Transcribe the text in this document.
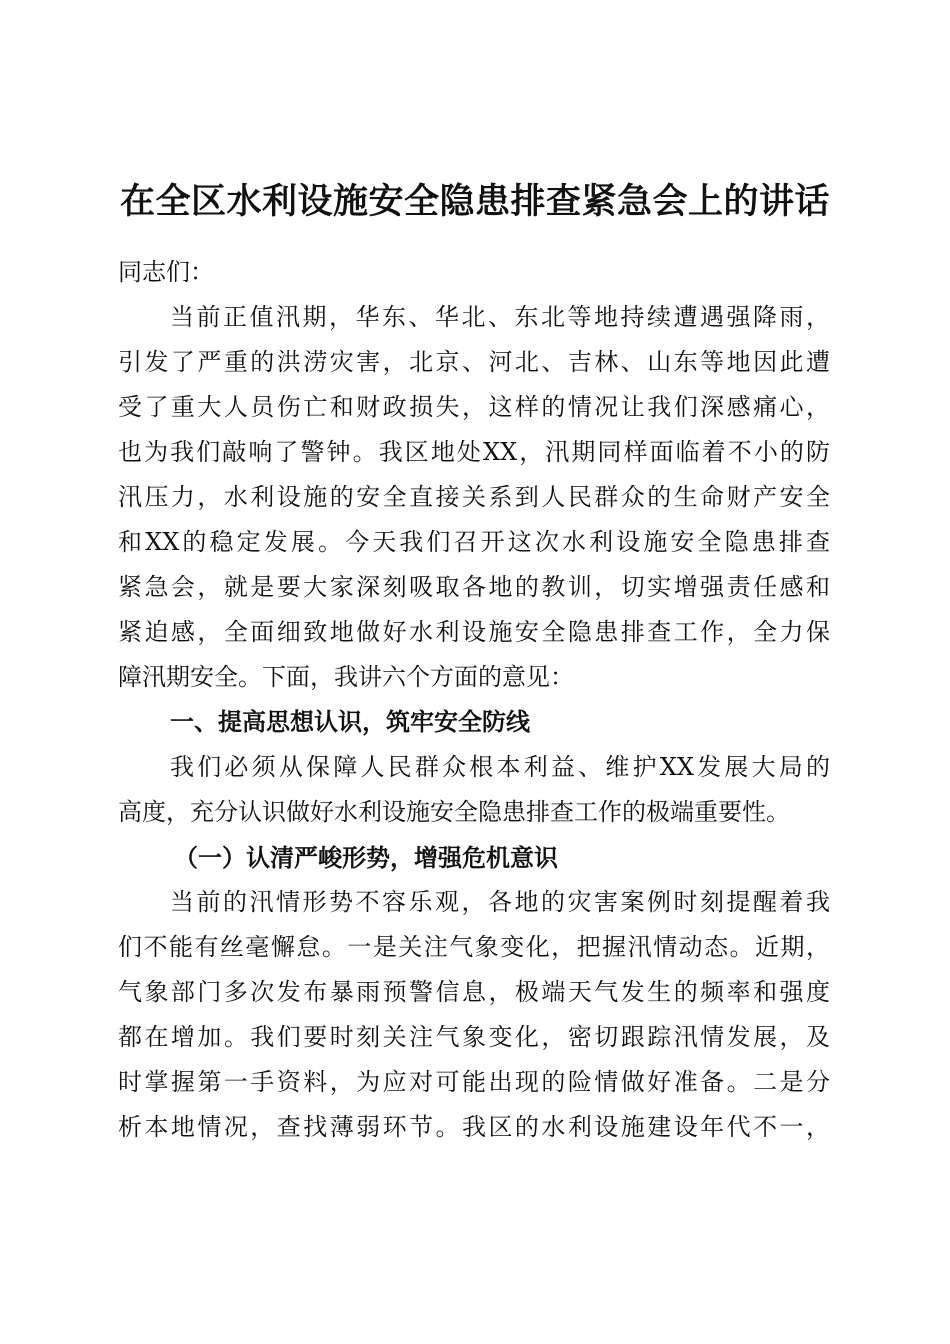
在全区水利设施安全隐患排查紧急会上的讲话
同志们：
当前正值汛期，华东、华北、东北等地持续遭遇强降雨，
引发了严重的洪涝灾害，北京、河北、吉林、山东等地因此遭
受了重大人员伤亡和财政损失，这样的情况让我们深感痛心，
也为我们敲响了警钟。我区地处XX，汛期同样面临着不小的防
汛压力，水利设施的安全直接关系到人民群众的生命财产安全
和XX的稳定发展。今天我们召开这次水利设施安全隐患排查
紧急会，就是要大家深刻吸取各地的教训，切实增强责任感和
紧迫感，全面细致地做好水利设施安全隐患排查工作，全力保
障汛期安全。下面，我讲六个方面的意见：
一、提高思想认识，筑牢安全防线
我们必须从保障人民群众根本利益、维护XX发展大局的
高度，充分认识做好水利设施安全隐患排查工作的极端重要性。
（一）认清严峻形势，增强危机意识
当前的汛情形势不容乐观，各地的灾害案例时刻提醒着我
们不能有丝毫懈怠。一是关注气象变化，把握汛情动态。近期，
气象部门多次发布暴雨预警信息，极端天气发生的频率和强度
都在增加。我们要时刻关注气象变化，密切跟踪汛情发展，及
时掌握第一手资料，为应对可能出现的险情做好准备。二是分
析本地情况，查找薄弱环节。我区的水利设施建设年代不一，
